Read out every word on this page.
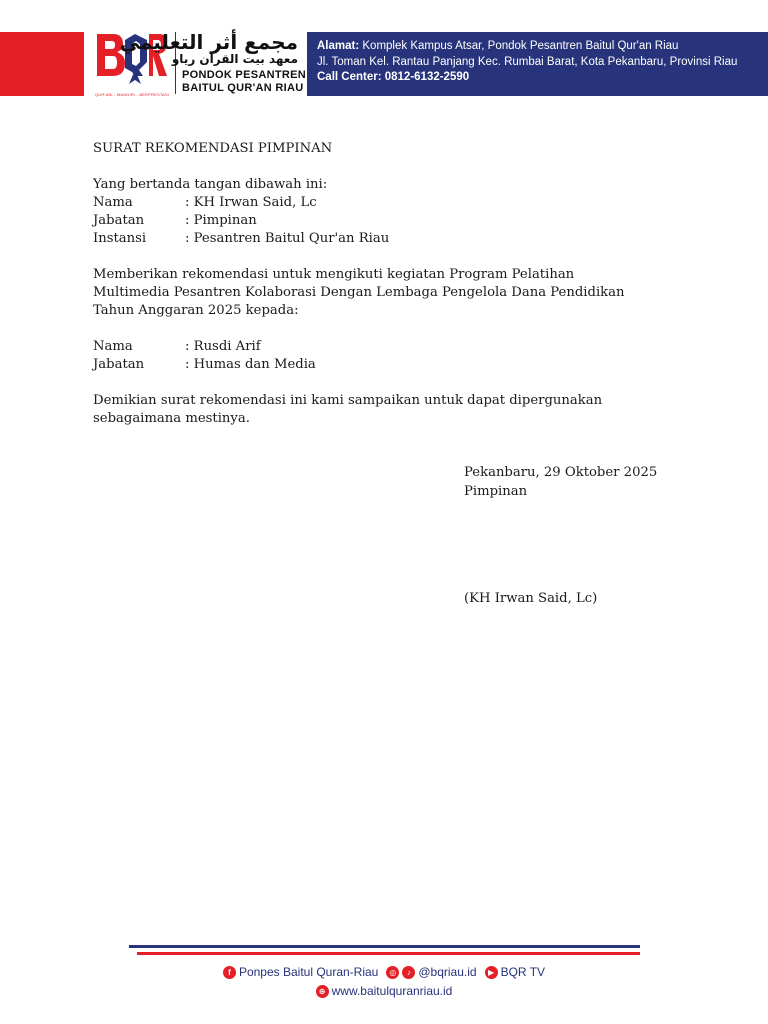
QUR'ANI - MANDIRI - BERPRESTASI
مجمع أثر التعليمي
معهد بيت القرآن رياو
PONDOK PESANTREN
BAITUL QUR'AN RIAU
Alamat: Komplek Kampus Atsar, Pondok Pesantren Baitul Qur'an Riau
Jl. Toman Kel. Rantau Panjang Kec. Rumbai Barat, Kota Pekanbaru, Provinsi Riau
Call Center: 0812-6132-2590
SURAT REKOMENDASI PIMPINAN
Yang bertanda tangan dibawah ini:
Nama	: KH Irwan Said, Lc
Jabatan	: Pimpinan
Instansi	: Pesantren Baitul Qur'an Riau
Memberikan rekomendasi untuk mengikuti kegiatan Program Pelatihan
Multimedia Pesantren Kolaborasi Dengan Lembaga Pengelola Dana Pendidikan
Tahun Anggaran 2025 kepada:
Nama	: Rusdi Arif
Jabatan	: Humas dan Media
Demikian surat rekomendasi ini kami sampaikan untuk dapat dipergunakan
sebagaimana mestinya.
Pekanbaru, 29 Oktober 2025
Pimpinan
(KH Irwan Said, Lc)
f Ponpes Baitul Quran-Riau	◎	♪ @bqriau.id	▶ BQR TV
⊕ www.baitulquranriau.id
